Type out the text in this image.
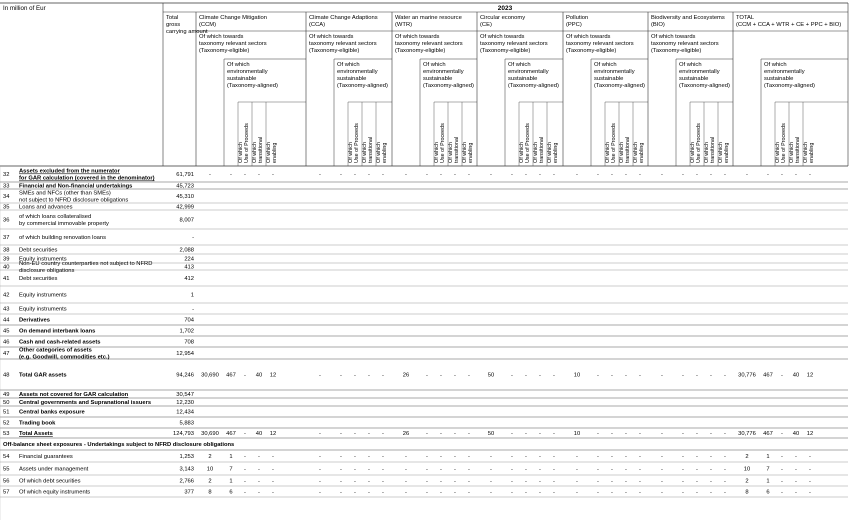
In million of Eur	2023
Climate Change Mitigation
(CCM)
Of which towards
taxonomy relevant sectors
(Taxonomy-eligible)
Of which
environmentally
sustainable
(Taxonomy-aligned)
Of which Use of Proceeds Of which transitional Of which enabling
Climate Change Adaptions
(CCA)
Of which towards
taxonomy relevant sectors
(Taxonomy-eligible)
Of which
environmentally
sustainable
(Taxonomy-aligned)
Of which Use of Proceeds Of which transitional Of which enabling
Water an marine resource
(WTR)
Of which towards
taxonomy relevant sectors
(Taxonomy-eligible)
Of which
environmentally
sustainable
(Taxonomy-aligned)
Of which Use of Proceeds Of which transitional Of which enabling
Circular economy
(CE)
Of which towards
taxonomy relevant sectors
(Taxonomy-eligible)
Of which
environmentally
sustainable
(Taxonomy-aligned)
Of which Use of Proceeds Of which transitional Of which enabling
Pollution
(PPC)
Of which towards
taxonomy relevant sectors
(Taxonomy-eligible)
Of which
environmentally
sustainable
(Taxonomy-aligned)
Of which Use of Proceeds Of which transitional Of which enabling
Biodiversity and Ecosystems
(BIO)
Of which towards
taxonomy relevant sectors
(Taxonomy-eligible)
Of which
environmentally
sustainable
(Taxonomy-aligned)
Of which Use of Proceeds Of which transitional Of which enabling
TOTAL
(CCM + CCA + WTR + CE + PPC + BIO)
Of which
environmentally
sustainable
(Taxonomy-aligned)
Of which Use of Proceeds Of which transitional Of which enabling
Total
gross
carrying amount
32
Assets excluded from the numerator
for GAR calculation (covered in the denominator)
61,791	-	- - - -	-	- - - -	-	- - - -	-	- - - -	-	- - - -	-	- - - -	-	- - - -
33 Financial and Non-financial undertakings	45,723
34
SMEs and NFCs (other than SMEs)
not subject to NFRD disclosure obligations
45,310
35 Loans and advances	42,999
36
of which loans collateralised
by commercial immovable property
8,007
37 of which building renovation loans	-
38 Debt securities	2,088
39 Equity instruments	224
40
Non-EU country counterparties not subject to NFRD
disclosure obligations
413
41 Debt securities	412
42 Equity instruments	1
43 Equity instruments	-
44 Derivatives	704
45 On demand interbank loans	1,702
46 Cash and cash-related assets	708
47
Other categories of assets
(e.g. Goodwill, commodities etc.)
12,954
48 Total GAR assets	94,246 30,690 467 - 40 12	-	- - - -	26	- - - -	50	- - - -	10	- - - -	-	- - - - 30,776 467 - 40 12
49 Assets not covered for GAR calculation	30,547
50 Central governments and Supranational issuers	12,230
51 Central banks exposure	12,434
52 Trading book	5,883
53 Total Assets	124,793 30,690 467 - 40 12	-	- - - -	26	- - - -	50	- - - -	10	- - - -	-	- - - - 30,776 467 - 40 12
Off-balance sheet exposures - Undertakings subject to NFRD disclosure obligations
54 Financial guarantees	1,253 2	1 - - -	-	- - - -	-	- - - -	-	- - - -	-	- - - -	-	- - - -	2	1 - - -
55 Assets under management	3,143 10	7 - - -	-	- - - -	-	- - - -	-	- - - -	-	- - - -	-	- - - -	10	7 - - -
56 Of which debt securities	2,766 2	1 - - -	-	- - - -	-	- - - -	-	- - - -	-	- - - -	-	- - - -	2	1 - - -
57 Of which equity instruments	377 8	6 - - -	-	- - - -	-	- - - -	-	- - - -	-	- - - -	-	- - - -	8	6 - - -
